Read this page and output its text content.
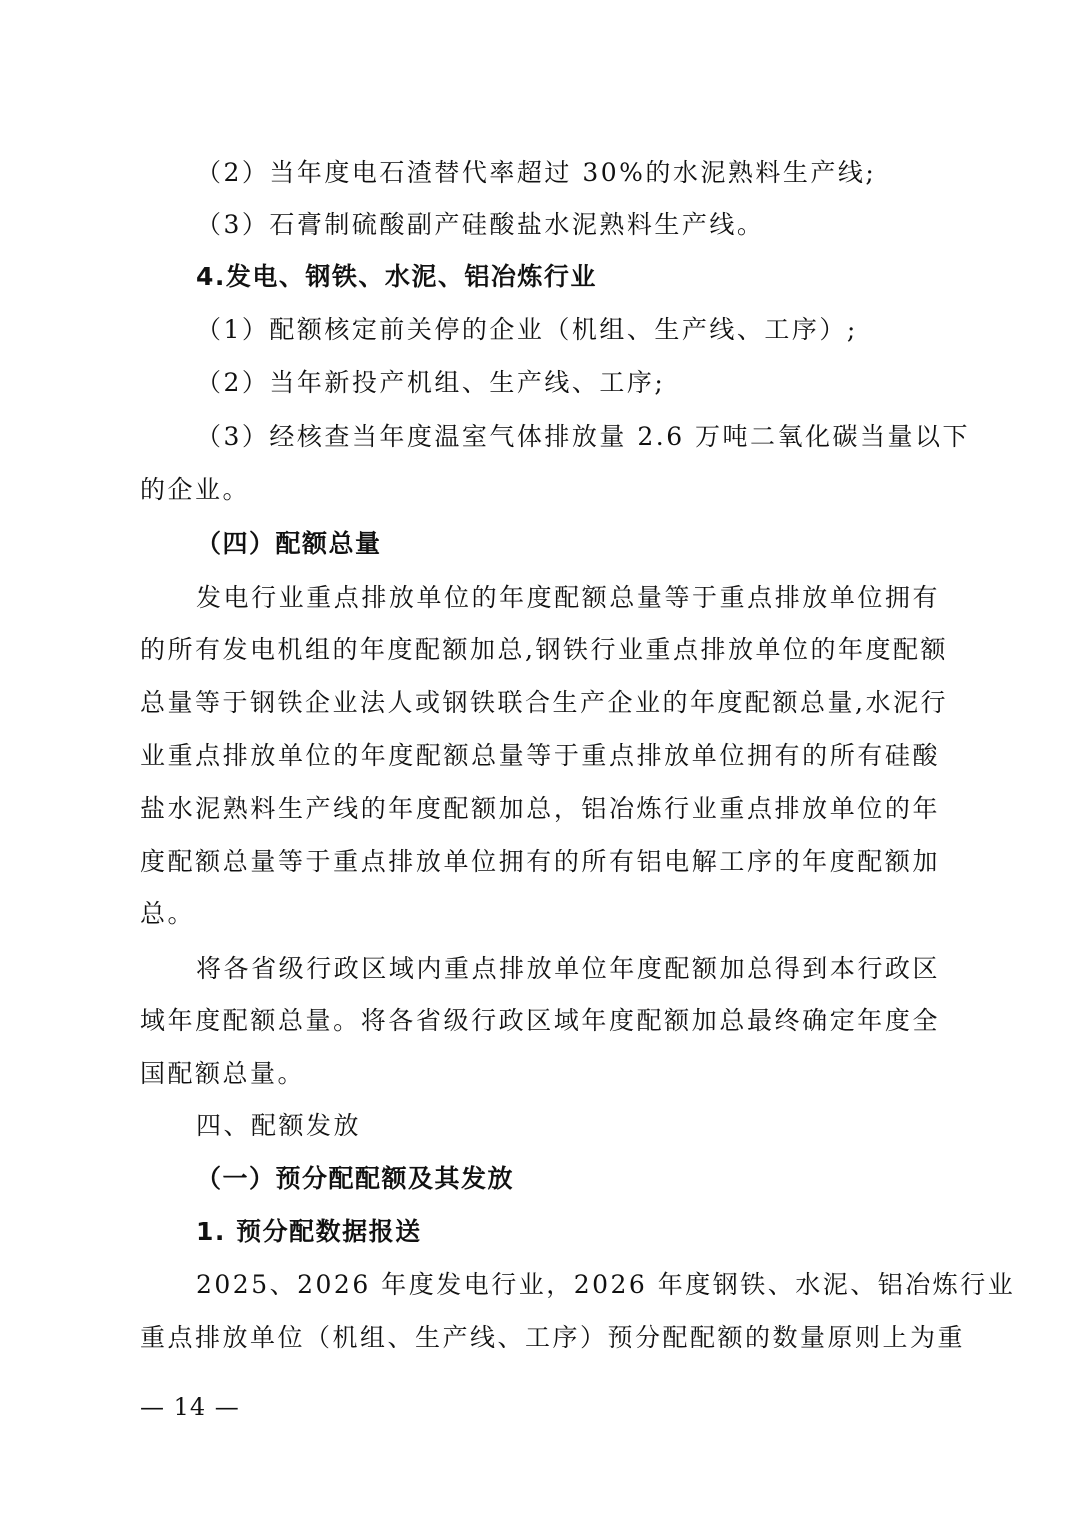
（2）当年度电石渣替代率超过 30%的水泥熟料生产线;
（3）石膏制硫酸副产硅酸盐水泥熟料生产线。
4.发电、钢铁、水泥、铝冶炼行业
（1）配额核定前关停的企业（机组、生产线、工序）;
（2）当年新投产机组、生产线、工序;
（3）经核查当年度温室气体排放量 2.6 万吨二氧化碳当量以下
的企业。
（四）配额总量
发电行业重点排放单位的年度配额总量等于重点排放单位拥有
的所有发电机组的年度配额加总,钢铁行业重点排放单位的年度配额
总量等于钢铁企业法人或钢铁联合生产企业的年度配额总量,水泥行
业重点排放单位的年度配额总量等于重点排放单位拥有的所有硅酸
盐水泥熟料生产线的年度配额加总，铝冶炼行业重点排放单位的年
度配额总量等于重点排放单位拥有的所有铝电解工序的年度配额加
总。
将各省级行政区域内重点排放单位年度配额加总得到本行政区
域年度配额总量。将各省级行政区域年度配额加总最终确定年度全
国配额总量。
四、配额发放
（一）预分配配额及其发放
1. 预分配数据报送
2025、2026 年度发电行业，2026 年度钢铁、水泥、铝冶炼行业
重点排放单位（机组、生产线、工序）预分配配额的数量原则上为重
— 14 —
